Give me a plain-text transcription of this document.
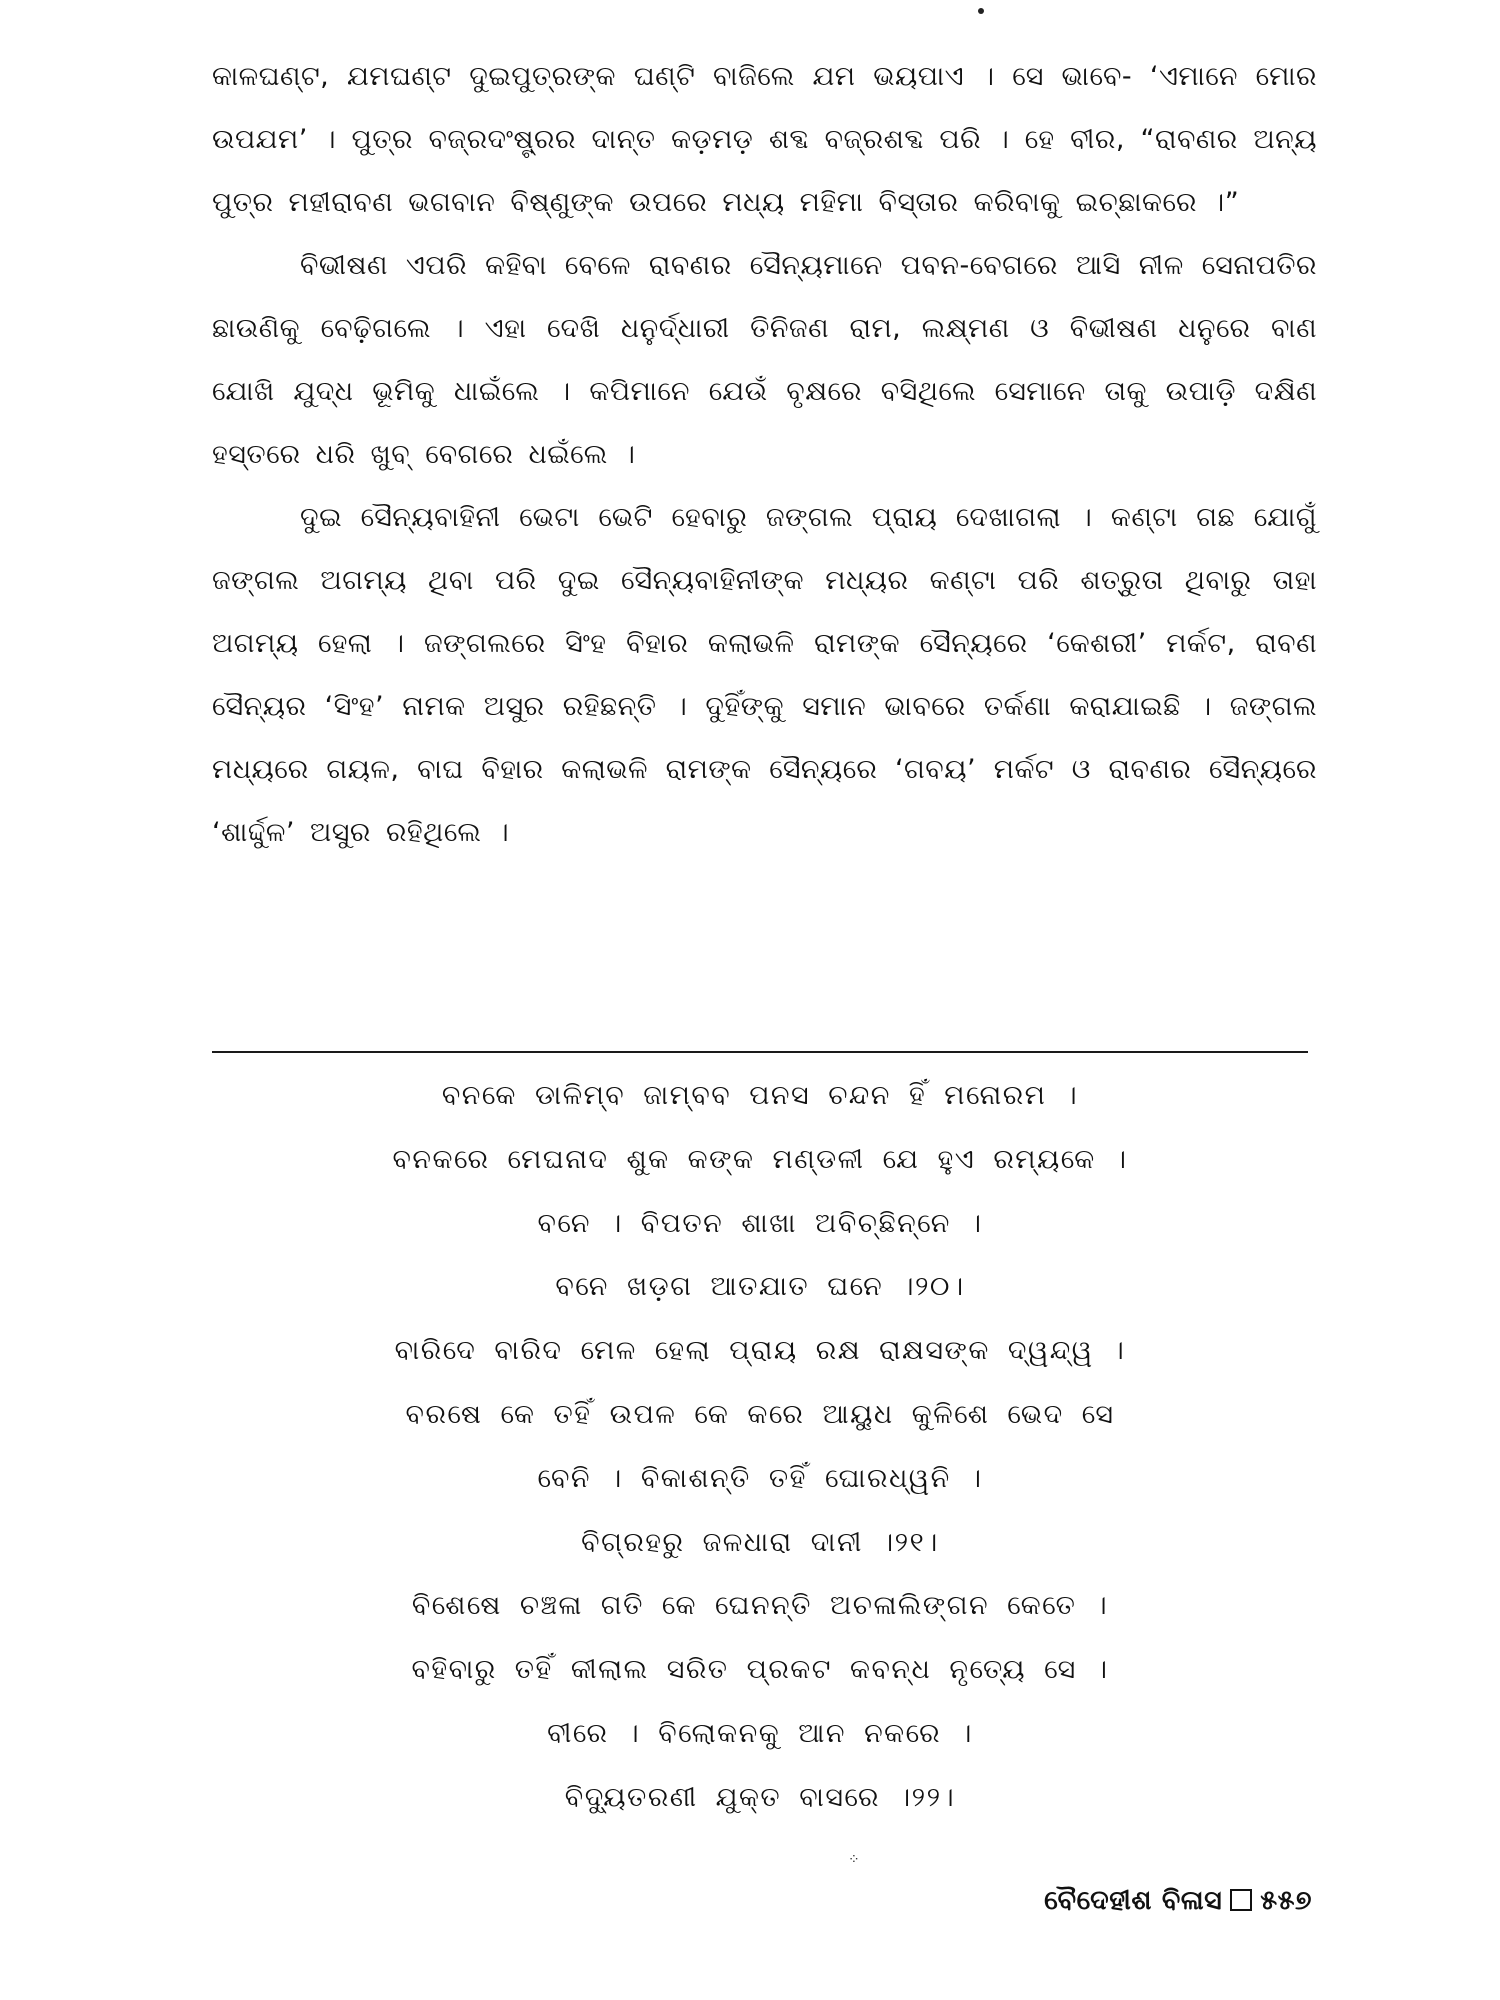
କାଳଘଣ୍ଟ, ଯମଘଣ୍ଟ ଦୁଇପୁତ୍ରଙ୍କ ଘଣ୍ଟି ବାଜିଲେ ଯମ ଭୟପାଏ । ସେ ଭାବେ- ‘ଏମାନେ ମୋର ଉପଯମ’ । ପୁତ୍ର ବଜ୍ରଦଂଷ୍ଟ୍ରର ଦାନ୍ତ କଡ଼ମଡ଼ ଶବ୍ଦ ବଜ୍ରଶବ୍ଦ ପରି । ହେ ବୀର, “ରାବଣର ଅନ୍ୟ ପୁତ୍ର ମହୀରାବଣ ଭଗବାନ ବିଷ୍ଣୁଙ୍କ ଉପରେ ମଧ୍ୟ ମହିମା ବିସ୍ତାର କରିବାକୁ ଇଚ୍ଛାକରେ ।”

ବିଭୀଷଣ ଏପରି କହିବା ବେଳେ ରାବଣର ସୈନ୍ୟମାନେ ପବନ-ବେଗରେ ଆସି ନୀଳ ସେନାପତିର ଛାଉଣିକୁ ବେଢ଼ିଗଲେ । ଏହା ଦେଖି ଧନୁର୍ଦ୍ଧାରୀ ତିନିଜଣ ରାମ, ଲକ୍ଷ୍ମଣ ଓ ବିଭୀଷଣ ଧନୁରେ ବାଣ ଯୋଖି ଯୁଦ୍ଧ ଭୂମିକୁ ଧାଇଁଲେ । କପିମାନେ ଯେଉଁ ବୃକ୍ଷରେ ବସିଥିଲେ ସେମାନେ ତାକୁ ଉପାଡ଼ି ଦକ୍ଷିଣ ହସ୍ତରେ ଧରି ଖୁବ୍ ବେଗରେ ଧଇଁଲେ ।

ଦୁଇ ସୈନ୍ୟବାହିନୀ ଭେଟା ଭେଟି ହେବାରୁ ଜଙ୍ଗଲ ପ୍ରାୟ ଦେଖାଗଲା । କଣ୍ଟା ଗଛ ଯୋଗୁଁ ଜଙ୍ଗଲ ଅଗମ୍ୟ ଥିବା ପରି ଦୁଇ ସୈନ୍ୟବାହିନୀଙ୍କ ମଧ୍ୟର କଣ୍ଟା ପରି ଶତ୍ରୁତା ଥିବାରୁ ତାହା ଅଗମ୍ୟ ହେଲା । ଜଙ୍ଗଲରେ ସିଂହ ବିହାର କଲାଭଳି ରାମଙ୍କ ସୈନ୍ୟରେ ‘କେଶରୀ’ ମର୍କଟ, ରାବଣ ସୈନ୍ୟର ‘ସିଂହ’ ନାମକ ଅସୁର ରହିଛନ୍ତି । ଦୁହିଁଙ୍କୁ ସମାନ ଭାବରେ ତର୍କଣା କରାଯାଇଛି । ଜଙ୍ଗଲ ମଧ୍ୟରେ ଗୟଳ, ବାଘ ବିହାର କଲାଭଳି ରାମଙ୍କ ସୈନ୍ୟରେ ‘ଗବୟ’ ମର୍କଟ ଓ ରାବଣର ସୈନ୍ୟରେ ‘ଶାର୍ଦ୍ଦୁଳ’ ଅସୁର ରହିଥିଲେ ।

ବନକେ ଡାଳିମ୍ବ ଜାମ୍ବବ ପନସ ଚନ୍ଦନ ହିଁ ମନୋରମ ।
ବନକରେ ମେଘନାଦ ଶୁକ କଙ୍କ ମଣ୍ଡଳୀ ଯେ ହୁଏ ରମ୍ୟକେ ।
ବନେ । ବିପତନ ଶାଖା ଅବିଚ୍ଛିନ୍ନେ ।
ବନେ ଖଡ଼ଗ ଆତଯାତ ଘନେ ।୨୦।
ବାରିଦେ ବାରିଦ ମେଳ ହେଲା ପ୍ରାୟ ରକ୍ଷ ରାକ୍ଷସଙ୍କ ଦ୍ୱନ୍ଦ୍ୱ ।
ବରଷେ କେ ତହିଁ ଉପଳ କେ କରେ ଆୟୁଧ କୁଳିଶେ ଭେଦ ସେ
ବେନି । ବିକାଶନ୍ତି ତହିଁ ଘୋରଧ୍ୱନି ।
ବିଗ୍ରହରୁ ଜଳଧାରା ଦାନୀ ।୨୧।
ବିଶେଷେ ଚଞ୍ଚଳା ଗତି କେ ଘେନନ୍ତି ଅଚଳାଲିଙ୍ଗନ କେତେ ।
ବହିବାରୁ ତହିଁ କୀଲାଲ ସରିତ ପ୍ରକଟ କବନ୍ଧ ନୃତ୍ୟେ ସେ ।
ବୀରେ । ବିଲୋକନକୁ ଆନ ନକରେ ।
ବିଦ୍ୟୁତରଣୀ ଯୁକ୍ତ ବାସରେ ।୨୨।
⁘
ବୈଦେହୀଶ ବିଳାସ ୫୫୭
